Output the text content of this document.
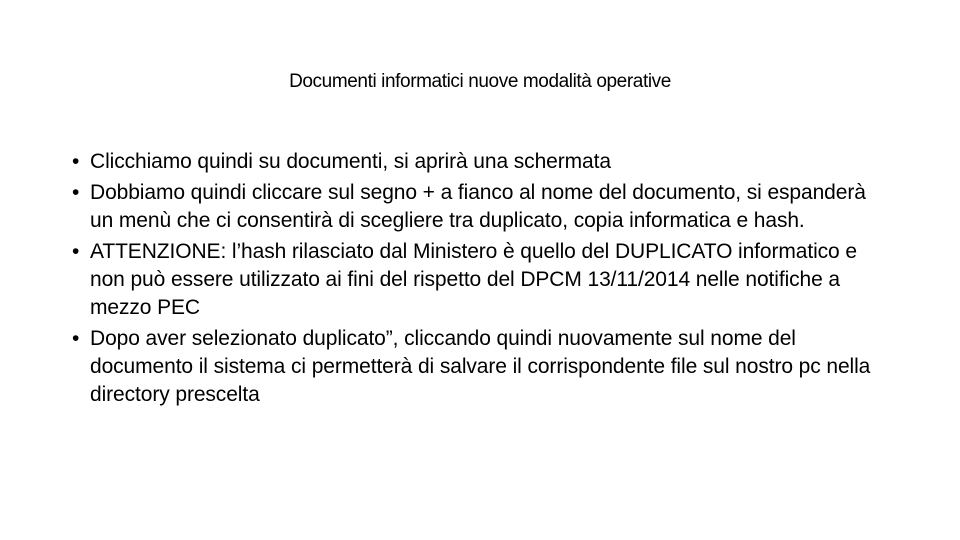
Documenti informatici nuove modalità operative
• Clicchiamo quindi su documenti, si aprirà una schermata
• Dobbiamo quindi cliccare sul segno + a fianco al nome del documento, si espanderà un menù che ci consentirà di scegliere tra duplicato, copia informatica e hash.
• ATTENZIONE: l’hash rilasciato dal Ministero è quello del DUPLICATO informatico e non può essere utilizzato ai fini del rispetto del DPCM 13/11/2014 nelle notifiche a mezzo PEC
• Dopo aver selezionato duplicato”, cliccando quindi nuovamente sul nome del documento il sistema ci permetterà di salvare il corrispondente file sul nostro pc nella directory prescelta
